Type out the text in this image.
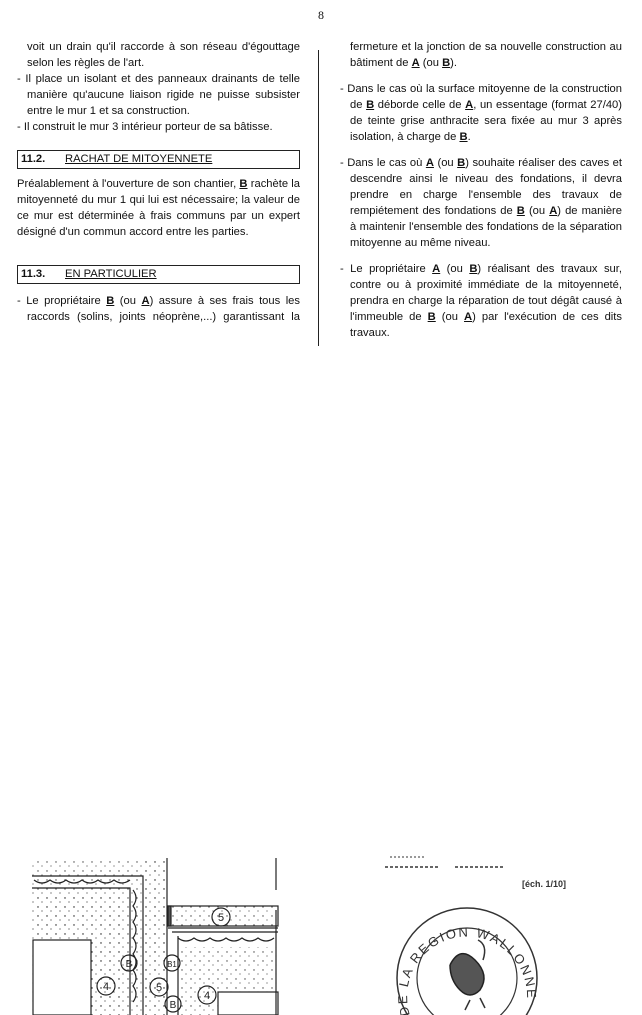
8

voit un drain qu'il raccorde à son réseau d'égouttage selon les règles de l'art.

- Il place un isolant et des panneaux drainants de telle manière qu'aucune liaison rigide ne puisse subsister entre le mur 1 et sa construction.

- Il construit le mur 3 intérieur porteur de sa bâtisse.

11.2.	RACHAT DE MITOYENNETE

Préalablement à l'ouverture de son chantier, B rachète la mitoyenneté du mur 1 qui lui est nécessaire; la valeur de ce mur est déterminée à frais communs par un expert désigné d'un commun accord entre les parties.

11.3.	EN PARTICULIER

- Le propriétaire B (ou A) assure à ses frais tous les raccords (solins, joints néoprène,...) garantissant la

fermeture et la jonction de sa nouvelle construction au bâtiment de A (ou B).

- Dans le cas où la surface mitoyenne de la construction de B déborde celle de A, un essentage (format 27/40) de teinte grise anthracite sera fixée au mur 3 après isolation, à charge de B.

- Dans le cas où A (ou B) souhaite réaliser des caves et descendre ainsi le niveau des fondations, il devra prendre en charge l'ensemble des travaux de rempiétement des fondations de B (ou A) de manière à maintenir l'ensemble des fondations de la séparation mitoyenne au même niveau.

- Le propriétaire A (ou B) réalisant des travaux sur, contre ou à proximité immédiate de la mitoyenneté, prendra en charge la réparation de tout dégât causé à l'immeuble de B (ou A) par l'exécution de ces dits travaux.

4
4
5
5
B	B1
B	DE LA REGION WALLONNE
[éch. 1/10]
